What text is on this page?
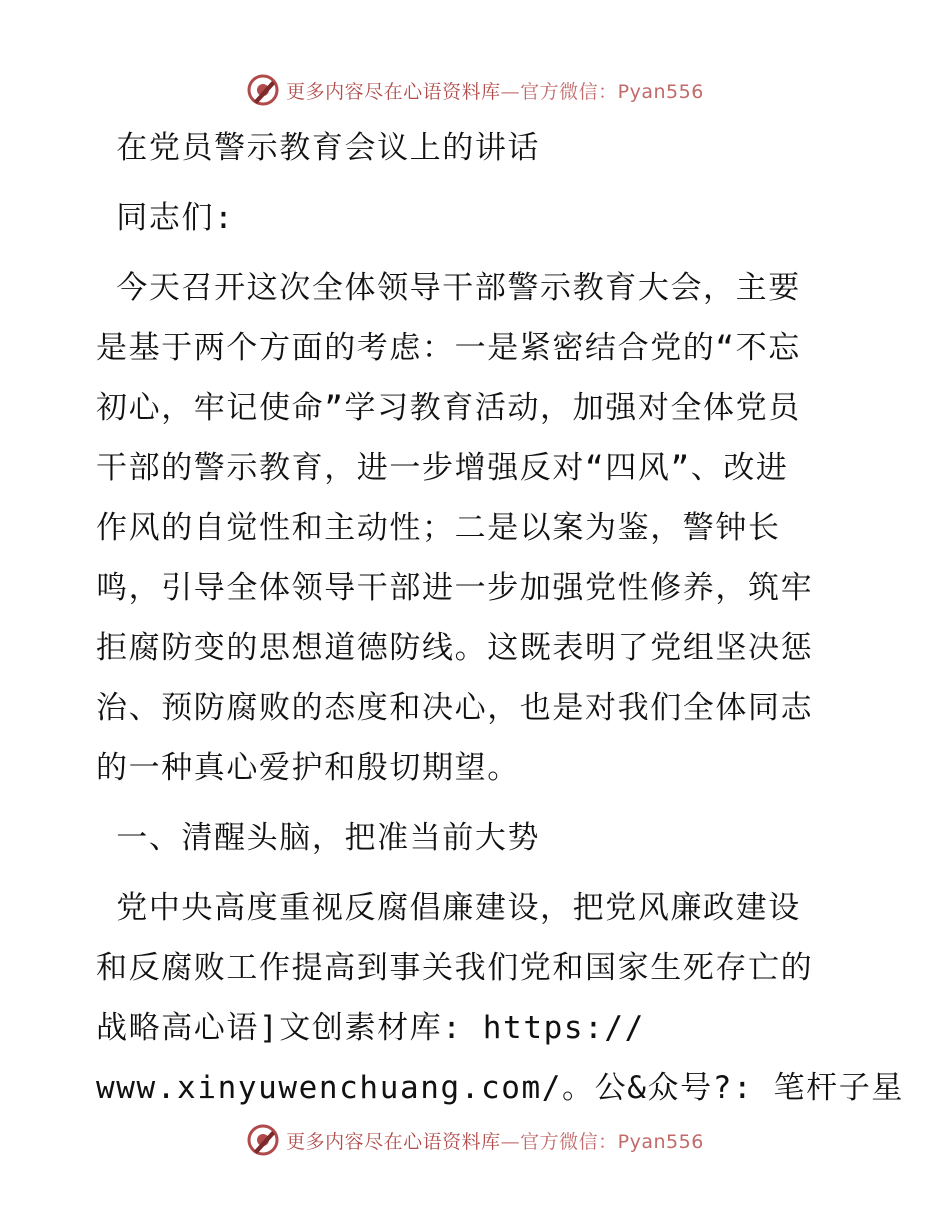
更多内容尽在心语资料库—官方微信：Pyan556

在党员警示教育会议上的讲话

同志们:

今天召开这次全体领导干部警示教育大会，主要

是基于两个方面的考虑：一是紧密结合党的“不忘

初心，牢记使命”学习教育活动，加强对全体党员

干部的警示教育，进一步增强反对“四风”、改进

作风的自觉性和主动性；二是以案为鉴，警钟长

鸣，引导全体领导干部进一步加强党性修养，筑牢

拒腐防变的思想道德防线。这既表明了党组坚决惩

治、预防腐败的态度和决心，也是对我们全体同志

的一种真心爱护和殷切期望。

一、清醒头脑，把准当前大势

党中央高度重视反腐倡廉建设，把党风廉政建设

和反腐败工作提高到事关我们党和国家生死存亡的

战略高心语]文创素材库: https://

www.xinyuwenchuang.com/。公&众号?: 笔杆子星

更多内容尽在心语资料库—官方微信：Pyan556
